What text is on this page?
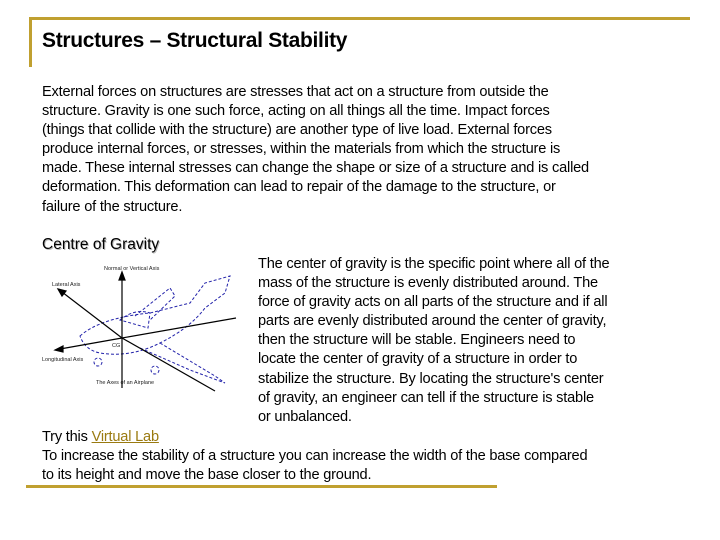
Structures – Structural Stability
External forces on structures are stresses that act on a structure from outside the
structure. Gravity is one such force, acting on all things all the time. Impact forces
(things that collide with the structure) are another type of live load. External forces
produce internal forces, or stresses, within the materials from which the structure is
made. These internal stresses can change the shape or size of a structure and is called
deformation. This deformation can lead to repair of the damage to the structure, or
failure of the structure.
Centre of Gravity
Normal or Vertical Axis
Lateral Axis
Longitudinal Axis
CG
The Axes of an Airplane
The center of gravity is the specific point where all of the
mass of the structure is evenly distributed around. The
force of gravity acts on all parts of the structure and if all
parts are evenly distributed around the center of gravity,
then the structure will be stable. Engineers need to
locate the center of gravity of a structure in order to
stabilize the structure. By locating the structure's center
of gravity, an engineer can tell if the structure is stable
or unbalanced.
Try this Virtual Lab
To increase the stability of a structure you can increase the width of the base compared
to its height and move the base closer to the ground.
